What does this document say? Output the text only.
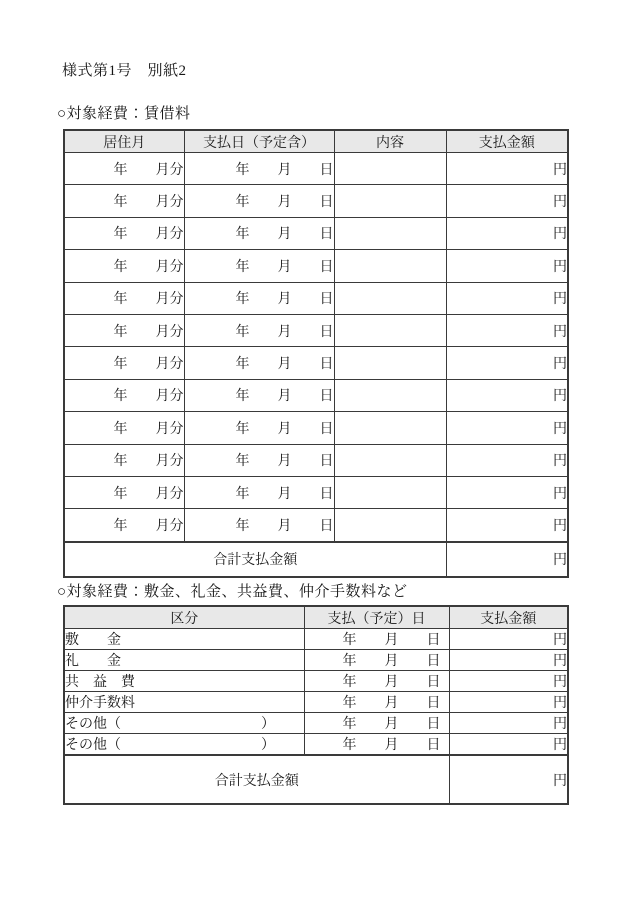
様式第1号　別紙2
○対象経費：賃借料
居住月	支払日（予定含）	内容	支払金額
年　　月分	年　　月　　日		円
年　　月分	年　　月　　日		円
年　　月分	年　　月　　日		円
年　　月分	年　　月　　日		円
年　　月分	年　　月　　日		円
年　　月分	年　　月　　日		円
年　　月分	年　　月　　日		円
年　　月分	年　　月　　日		円
年　　月分	年　　月　　日		円
年　　月分	年　　月　　日		円
年　　月分	年　　月　　日		円
年　　月分	年　　月　　日		円
合計支払金額			円
○対象経費：敷金、礼金、共益費、仲介手数料など
区分	支払（予定）日	支払金額
敷　　金	年　　月　　日	円
礼　　金	年　　月　　日	円
共　益　費	年　　月　　日	円
仲介手数料	年　　月　　日	円
その他（　　　　　　　　　　）	年　　月　　日	円
その他（　　　　　　　　　　）	年　　月　　日	円
合計支払金額		円
